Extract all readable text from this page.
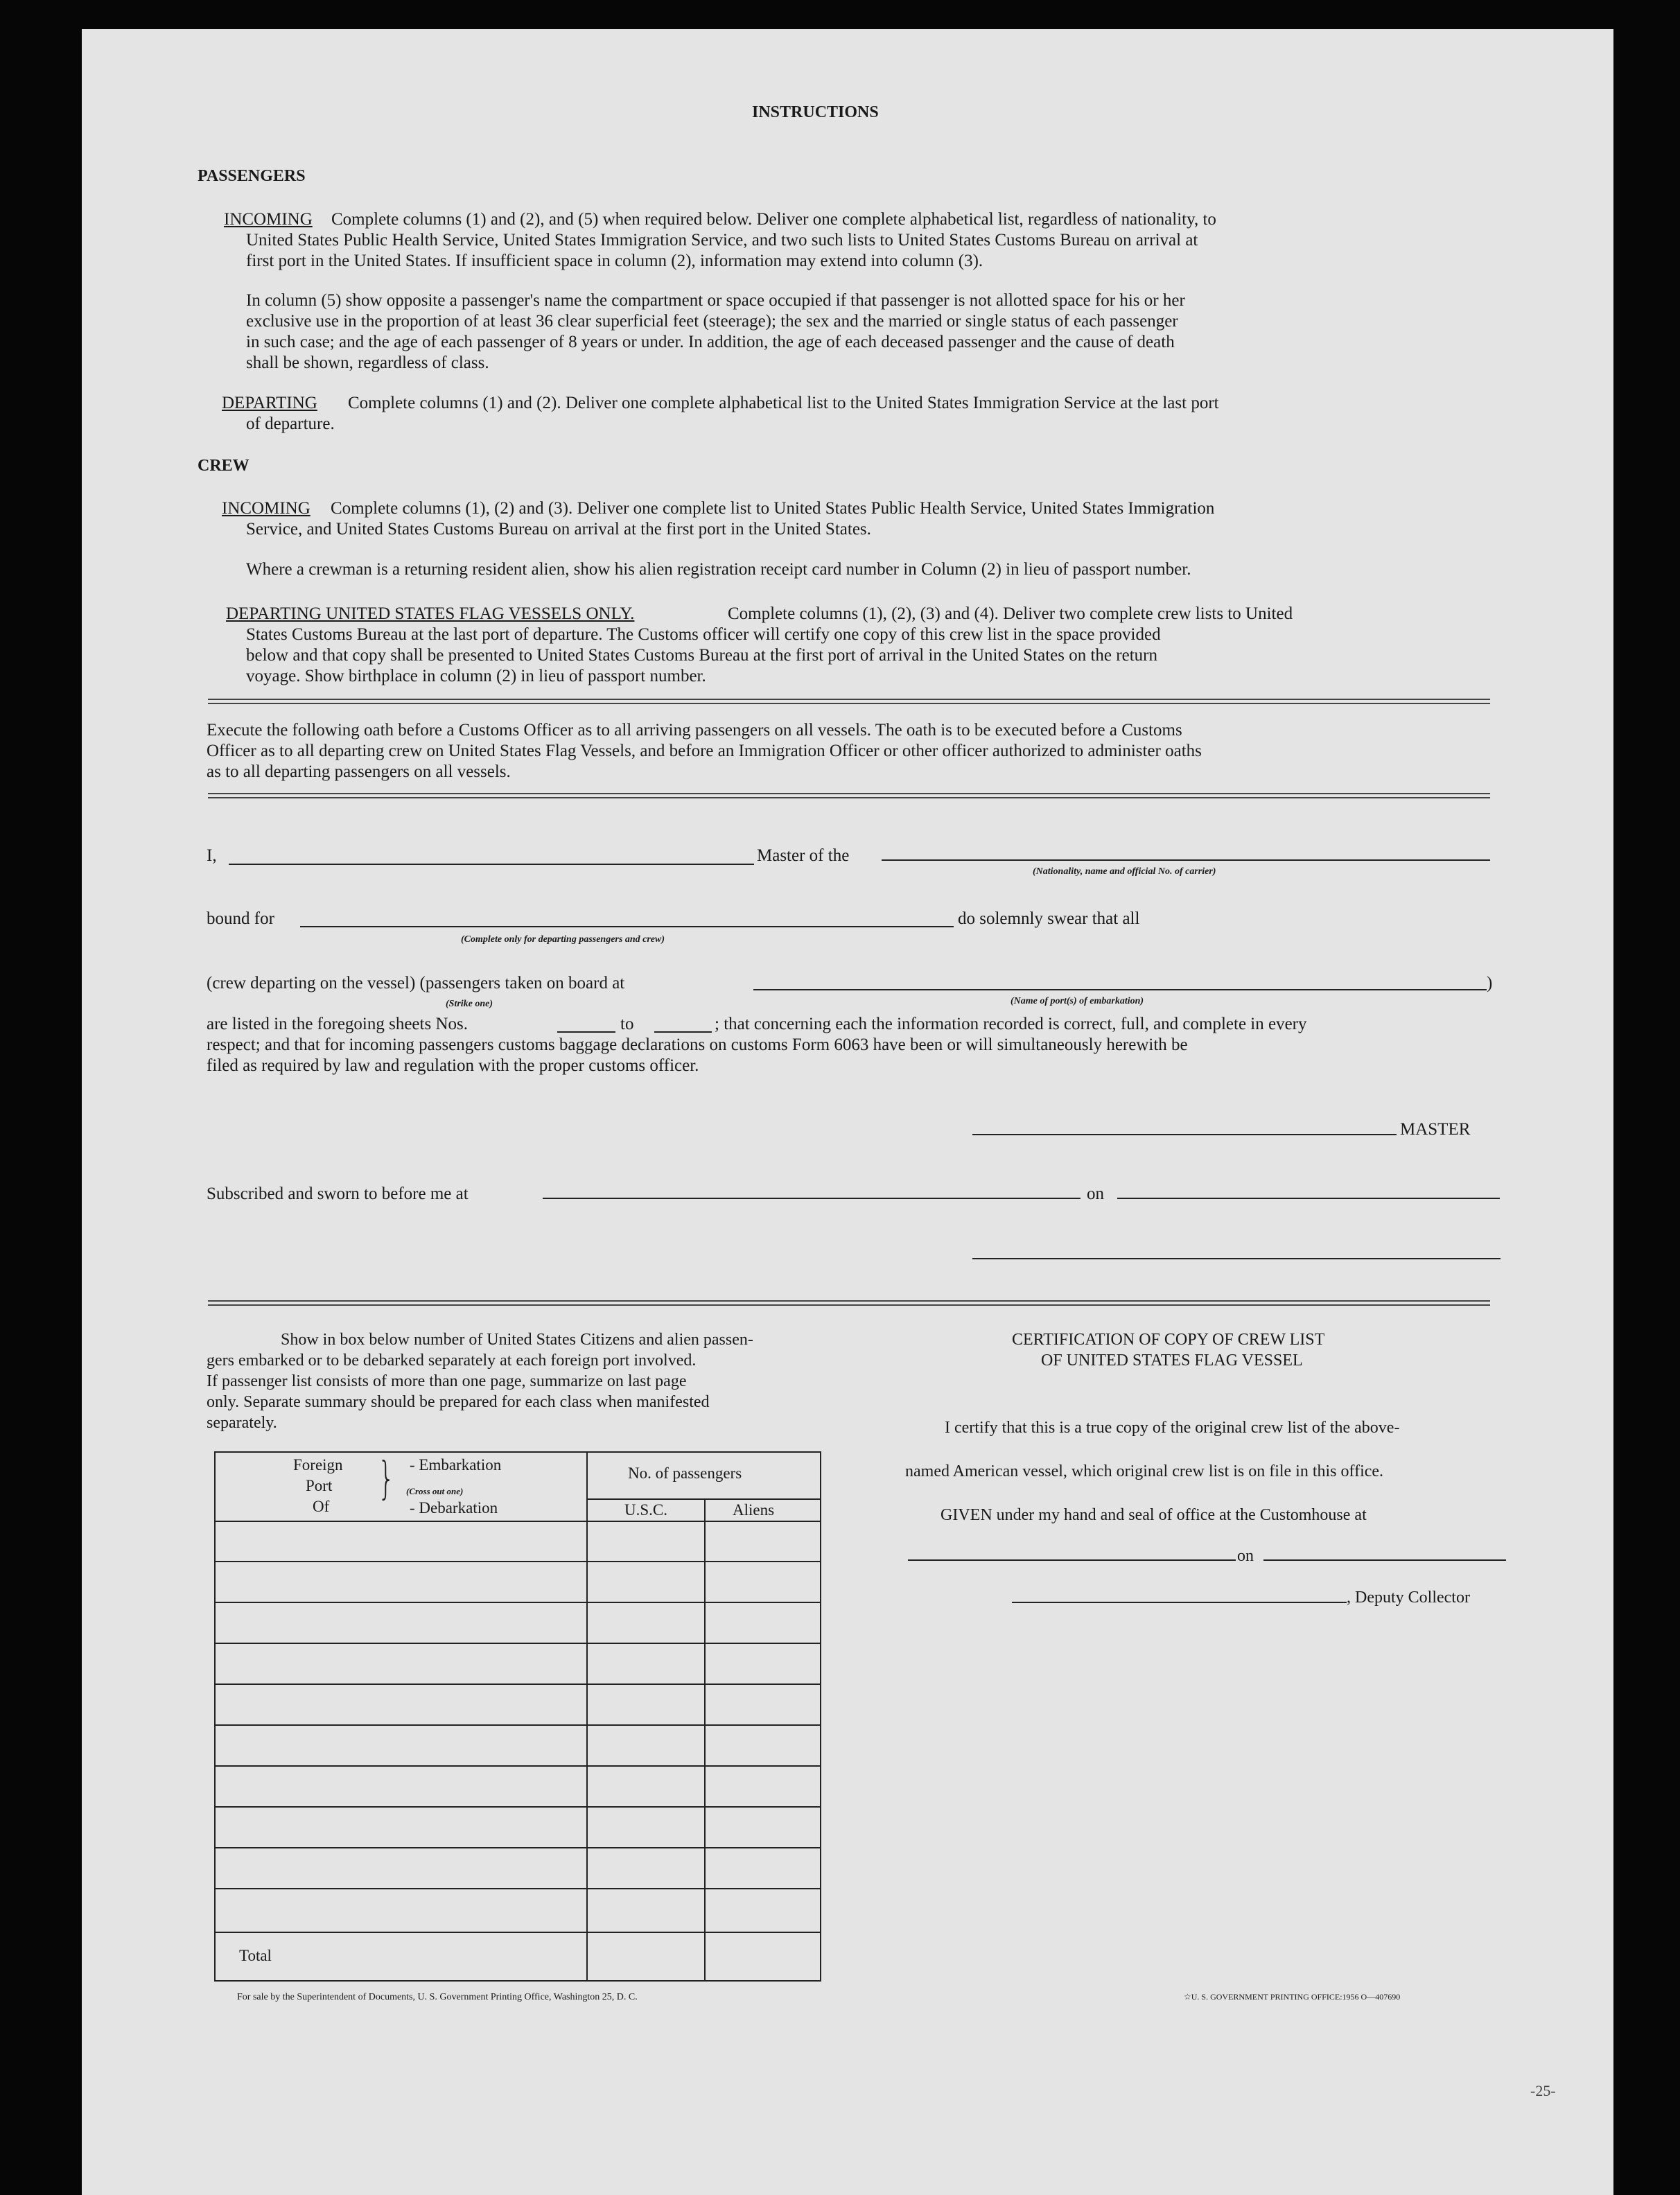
INSTRUCTIONS
PASSENGERS
INCOMING Complete columns (1) and (2), and (5) when required below. Deliver one complete alphabetical list, regardless of nationality, to
United States Public Health Service, United States Immigration Service, and two such lists to United States Customs Bureau on arrival at
first port in the United States. If insufficient space in column (2), information may extend into column (3).
In column (5) show opposite a passenger's name the compartment or space occupied if that passenger is not allotted space for his or her
exclusive use in the proportion of at least 36 clear superficial feet (steerage); the sex and the married or single status of each passenger
in such case; and the age of each passenger of 8 years or under. In addition, the age of each deceased passenger and the cause of death
shall be shown, regardless of class.
DEPARTING Complete columns (1) and (2). Deliver one complete alphabetical list to the United States Immigration Service at the last port
of departure.
CREW
INCOMING Complete columns (1), (2) and (3). Deliver one complete list to United States Public Health Service, United States Immigration
Service, and United States Customs Bureau on arrival at the first port in the United States.
Where a crewman is a returning resident alien, show his alien registration receipt card number in Column (2) in lieu of passport number.
DEPARTING UNITED STATES FLAG VESSELS ONLY.	Complete columns (1), (2), (3) and (4). Deliver two complete crew lists to United
States Customs Bureau at the last port of departure. The Customs officer will certify one copy of this crew list in the space provided
below and that copy shall be presented to United States Customs Bureau at the first port of arrival in the United States on the return
voyage. Show birthplace in column (2) in lieu of passport number.
Execute the following oath before a Customs Officer as to all arriving passengers on all vessels. The oath is to be executed before a Customs
Officer as to all departing crew on United States Flag Vessels, and before an Immigration Officer or other officer authorized to administer oaths
as to all departing passengers on all vessels.
I,	Master of the
(Nationality, name and official No. of carrier)
bound for
(Complete only for departing passengers and crew)
do solemnly swear that all
(crew departing on the vessel) (passengers taken on board at
(Strike one)	(Name of port(s) of embarkation)
)
are listed in the foregoing sheets Nos.	to	; that concerning each the information recorded is correct, full, and complete in every
respect; and that for incoming passengers customs baggage declarations on customs Form 6063 have been or will simultaneously herewith be
filed as required by law and regulation with the proper customs officer.
MASTER
Subscribed and sworn to before me at	on
Show in box below number of United States Citizens and alien passen-
gers embarked or to be debarked separately at each foreign port involved.
If passenger list consists of more than one page, summarize on last page
only. Separate summary should be prepared for each class when manifested
separately.
Foreign
Port
Of
} - Embarkation
(Cross out one)
- Debarkation
No. of passengers
U.S.C.	Aliens
Total
CERTIFICATION OF COPY OF CREW LIST
OF UNITED STATES FLAG VESSEL
I certify that this is a true copy of the original crew list of the above-
named American vessel, which original crew list is on file in this office.
GIVEN under my hand and seal of office at the Customhouse at
on
, Deputy Collector
For sale by the Superintendent of Documents, U. S. Government Printing Office, Washington 25, D. C.	☆U. S. GOVERNMENT PRINTING OFFICE:1956 O—407690
-25-
